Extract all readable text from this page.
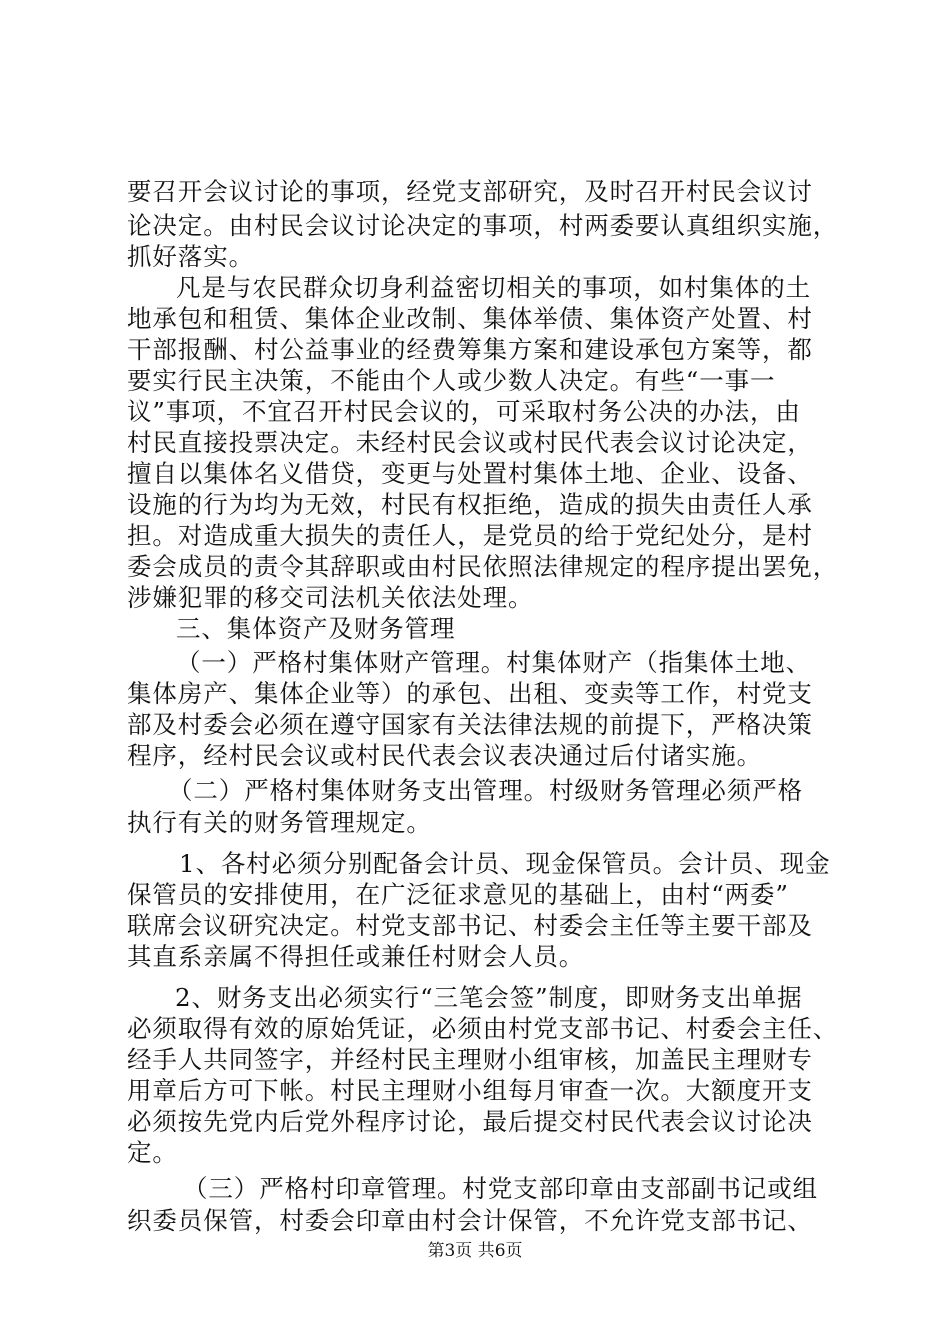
要召开会议讨论的事项，经党支部研究，及时召开村民会议讨
论决定。由村民会议讨论决定的事项，村两委要认真组织实施，
抓好落实。
凡是与农民群众切身利益密切相关的事项，如村集体的土
地承包和租赁、集体企业改制、集体举债、集体资产处置、村
干部报酬、村公益事业的经费筹集方案和建设承包方案等，都
要实行民主决策，不能由个人或少数人决定。有些“一事一
议”事项，不宜召开村民会议的，可采取村务公决的办法，由
村民直接投票决定。未经村民会议或村民代表会议讨论决定，
擅自以集体名义借贷，变更与处置村集体土地、企业、设备、
设施的行为均为无效，村民有权拒绝，造成的损失由责任人承
担。对造成重大损失的责任人，是党员的给于党纪处分，是村
委会成员的责令其辞职或由村民依照法律规定的程序提出罢免，
涉嫌犯罪的移交司法机关依法处理。
三、集体资产及财务管理
（一）严格村集体财产管理。村集体财产（指集体土地、
集体房产、集体企业等）的承包、出租、变卖等工作，村党支
部及村委会必须在遵守国家有关法律法规的前提下，严格决策
程序，经村民会议或村民代表会议表决通过后付诸实施。
（二）严格村集体财务支出管理。村级财务管理必须严格
执行有关的财务管理规定。
1、各村必须分别配备会计员、现金保管员。会计员、现金
保管员的安排使用，在广泛征求意见的基础上，由村“两委”
联席会议研究决定。村党支部书记、村委会主任等主要干部及
其直系亲属不得担任或兼任村财会人员。
2、财务支出必须实行“三笔会签”制度，即财务支出单据
必须取得有效的原始凭证，必须由村党支部书记、村委会主任、
经手人共同签字，并经村民主理财小组审核，加盖民主理财专
用章后方可下帐。村民主理财小组每月审查一次。大额度开支
必须按先党内后党外程序讨论，最后提交村民代表会议讨论决
定。
（三）严格村印章管理。村党支部印章由支部副书记或组
织委员保管，村委会印章由村会计保管，不允许党支部书记、
第3页 共6页
